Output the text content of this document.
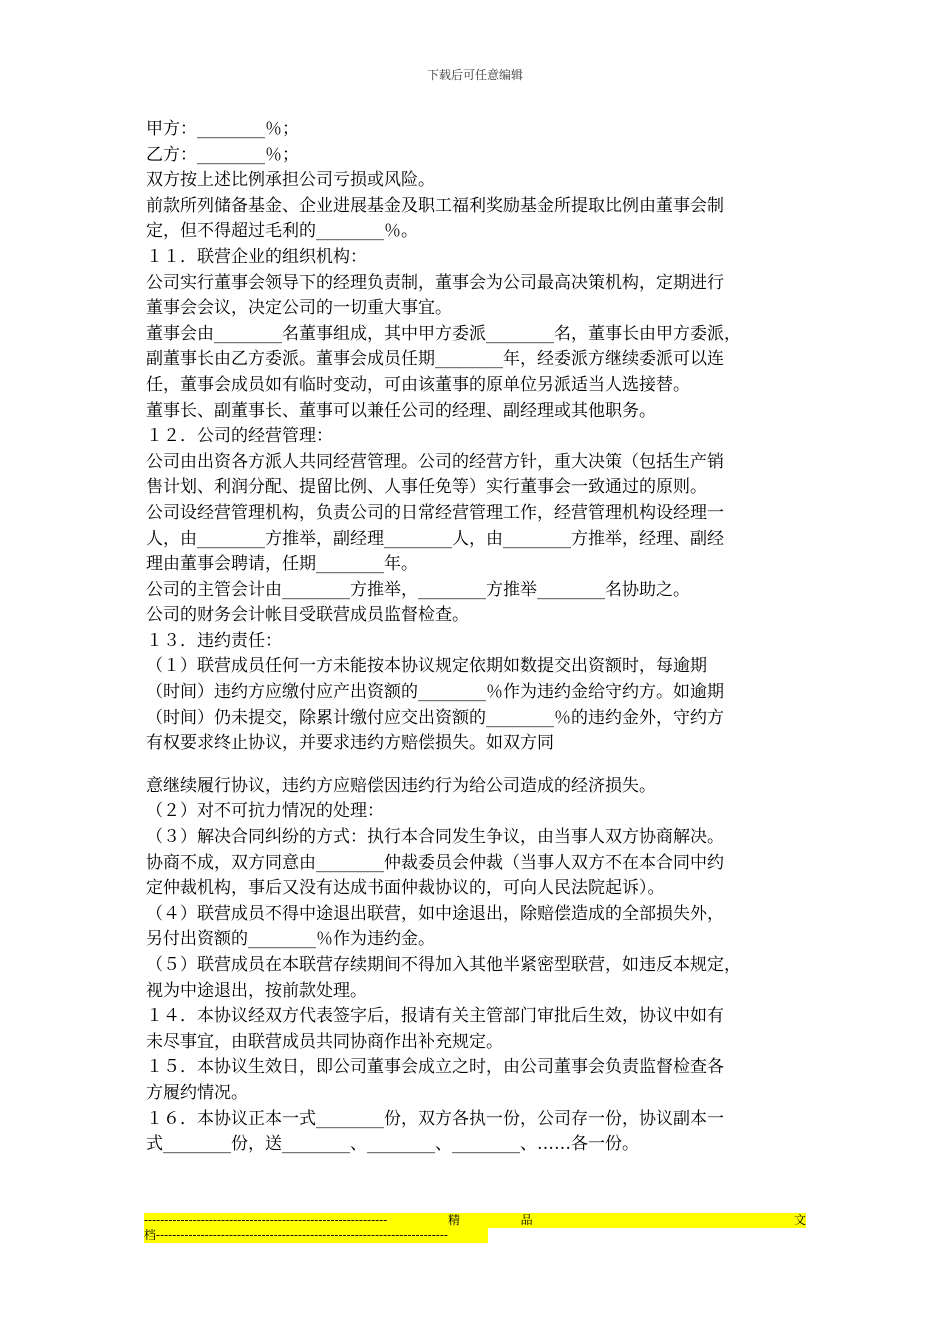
下载后可任意编辑
甲方：________％；
乙方：________％；
双方按上述比例承担公司亏损或风险。
前款所列储备基金、企业进展基金及职工福利奖励基金所提取比例由董事会制
定，但不得超过毛利的________％。
１１．联营企业的组织机构：
公司实行董事会领导下的经理负责制，董事会为公司最高决策机构，定期进行
董事会会议，决定公司的一切重大事宜。
董事会由________名董事组成，其中甲方委派________名，董事长由甲方委派，
副董事长由乙方委派。董事会成员任期________年，经委派方继续委派可以连
任，董事会成员如有临时变动，可由该董事的原单位另派适当人选接替。
董事长、副董事长、董事可以兼任公司的经理、副经理或其他职务。
１２．公司的经营管理：
公司由出资各方派人共同经营管理。公司的经营方针，重大决策（包括生产销
售计划、利润分配、提留比例、人事任免等）实行董事会一致通过的原则。
公司设经营管理机构，负责公司的日常经营管理工作，经营管理机构设经理一
人，由________方推举，副经理________人，由________方推举，经理、副经
理由董事会聘请，任期________年。
公司的主管会计由________方推举，________方推举________名协助之。
公司的财务会计帐目受联营成员监督检查。
１３．违约责任：
（１）联营成员任何一方未能按本协议规定依期如数提交出资额时，每逾期
（时间）违约方应缴付应产出资额的________％作为违约金给守约方。如逾期
（时间）仍未提交，除累计缴付应交出资额的________％的违约金外，守约方
有权要求终止协议，并要求违约方赔偿损失。如双方同
意继续履行协议，违约方应赔偿因违约行为给公司造成的经济损失。
（２）对不可抗力情况的处理：
（３）解决合同纠纷的方式：执行本合同发生争议，由当事人双方协商解决。
协商不成，双方同意由________仲裁委员会仲裁（当事人双方不在本合同中约
定仲裁机构，事后又没有达成书面仲裁协议的，可向人民法院起诉）。
（４）联营成员不得中途退出联营，如中途退出，除赔偿造成的全部损失外，
另付出资额的________％作为违约金。
（５）联营成员在本联营存续期间不得加入其他半紧密型联营，如违反本规定，
视为中途退出，按前款处理。
１４．本协议经双方代表签字后，报请有关主管部门审批后生效，协议中如有
未尽事宜，由联营成员共同协商作出补充规定。
１５．本协议生效日，即公司董事会成立之时，由公司董事会负责监督检查各
方履约情况。
１６．本协议正本一式________份，双方各执一份，公司存一份，协议副本一
式________份，送________、________、________、……各一份。
------------------------------------------------------------	精	品	文
档------------------------------------------------------------------------
